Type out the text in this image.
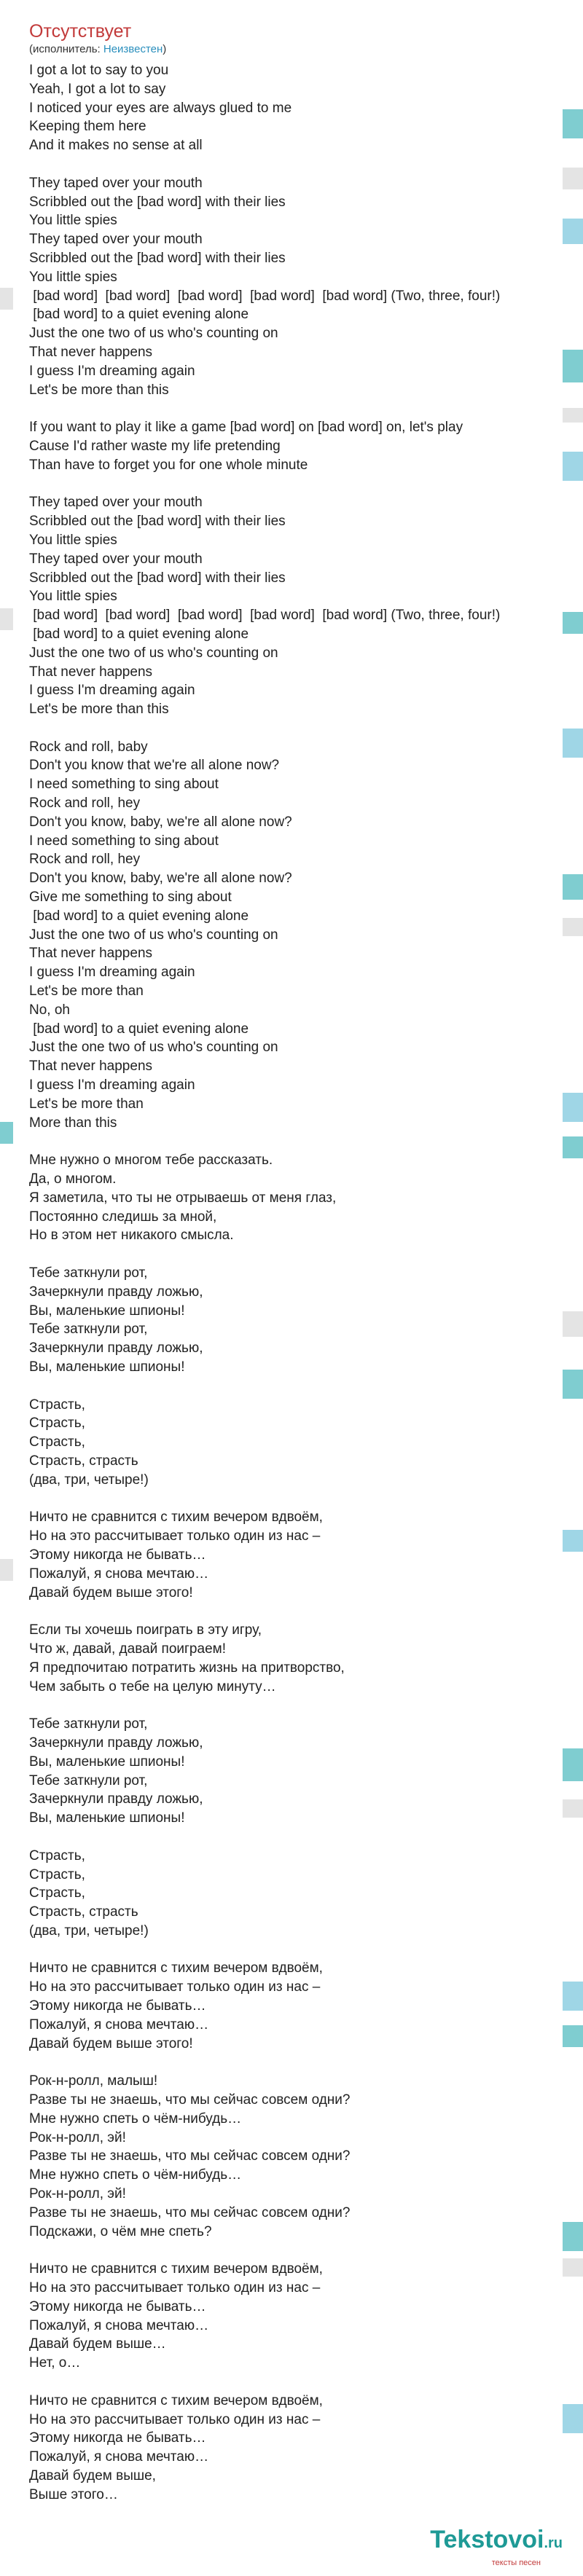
Отсутствует

(исполнитель: Неизвестен)

I got a lot to say to you
Yeah, I got a lot to say
I noticed your eyes are always glued to me
Keeping them here
And it makes no sense at all
They taped over your mouth
Scribbled out the [bad word] with their lies
You little spies
They taped over your mouth
Scribbled out the [bad word] with their lies
You little spies
[bad word]  [bad word]  [bad word]  [bad word]  [bad word] (Two, three, four!)
[bad word] to a quiet evening alone
Just the one two of us who's counting on
That never happens
I guess I'm dreaming again
Let's be more than this
If you want to play it like a game [bad word] on [bad word] on, let's play
Cause I'd rather waste my life pretending
Than have to forget you for one whole minute
They taped over your mouth
Scribbled out the [bad word] with their lies
You little spies
They taped over your mouth
Scribbled out the [bad word] with their lies
You little spies
[bad word]  [bad word]  [bad word]  [bad word]  [bad word] (Two, three, four!)
[bad word] to a quiet evening alone
Just the one two of us who's counting on
That never happens
I guess I'm dreaming again
Let's be more than this
Rock and roll, baby
Don't you know that we're all alone now?
I need something to sing about
Rock and roll, hey
Don't you know, baby, we're all alone now?
I need something to sing about
Rock and roll, hey
Don't you know, baby, we're all alone now?
Give me something to sing about
[bad word] to a quiet evening alone
Just the one two of us who's counting on
That never happens
I guess I'm dreaming again
Let's be more than
No, oh
[bad word] to a quiet evening alone
Just the one two of us who's counting on
That never happens
I guess I'm dreaming again
Let's be more than
More than this
Мне нужно о многом тебе рассказать.
Да, о многом.
Я заметила, что ты не отрываешь от меня глаз,
Постоянно следишь за мной,
Но в этом нет никакого смысла.
Тебе заткнули рот,
Зачеркнули правду ложью,
Вы, маленькие шпионы!
Тебе заткнули рот,
Зачеркнули правду ложью,
Вы, маленькие шпионы!
Страсть,
Страсть,
Страсть,
Страсть, страсть
(два, три, четыре!)
Ничто не сравнится с тихим вечером вдвоём,
Но на это рассчитывает только один из нас –
Этому никогда не бывать…
Пожалуй, я снова мечтаю…
Давай будем выше этого!
Если ты хочешь поиграть в эту игру,
Что ж, давай, давай поиграем!
Я предпочитаю потратить жизнь на притворство,
Чем забыть о тебе на целую минуту…
Тебе заткнули рот,
Зачеркнули правду ложью,
Вы, маленькие шпионы!
Тебе заткнули рот,
Зачеркнули правду ложью,
Вы, маленькие шпионы!
Страсть,
Страсть,
Страсть,
Страсть, страсть
(два, три, четыре!)
Ничто не сравнится с тихим вечером вдвоём,
Но на это рассчитывает только один из нас –
Этому никогда не бывать…
Пожалуй, я снова мечтаю…
Давай будем выше этого!
Рок-н-ролл, малыш!
Разве ты не знаешь, что мы сейчас совсем одни?
Мне нужно спеть о чём-нибудь…
Рок-н-ролл, эй!
Разве ты не знаешь, что мы сейчас совсем одни?
Мне нужно спеть о чём-нибудь…
Рок-н-ролл, эй!
Разве ты не знаешь, что мы сейчас совсем одни?
Подскажи, о чём мне спеть?
Ничто не сравнится с тихим вечером вдвоём,
Но на это рассчитывает только один из нас –
Этому никогда не бывать…
Пожалуй, я снова мечтаю…
Давай будем выше…
Нет, о…
Ничто не сравнится с тихим вечером вдвоём,
Но на это рассчитывает только один из нас –
Этому никогда не бывать…
Пожалуй, я снова мечтаю…
Давай будем выше,
Выше этого…
Tekstovoi.ru
тексты песен
